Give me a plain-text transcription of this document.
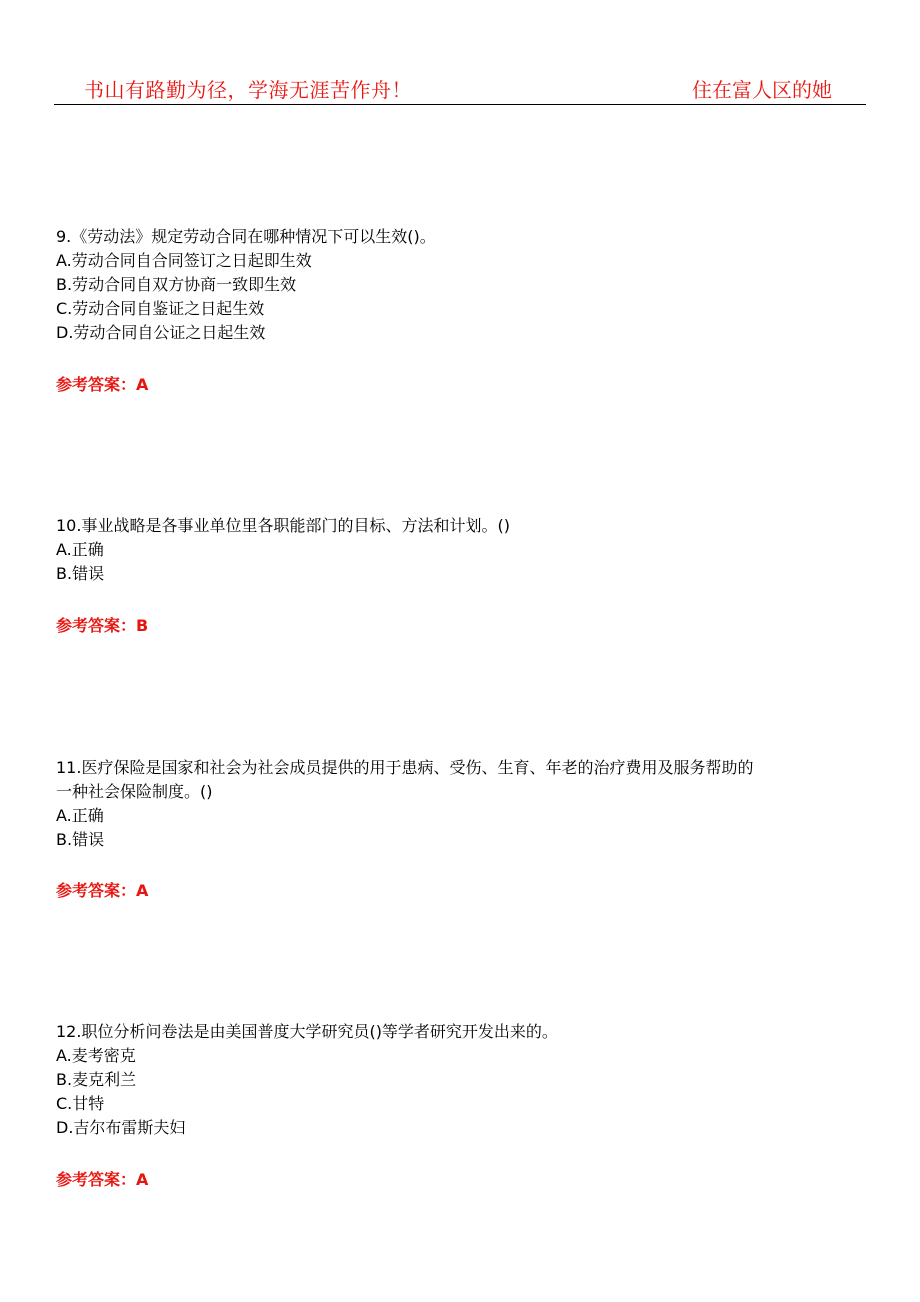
书山有路勤为径，学海无涯苦作舟！	住在富人区的她

9.《劳动法》规定劳动合同在哪种情况下可以生效()。

A.劳动合同自合同签订之日起即生效

B.劳动合同自双方协商一致即生效

C.劳动合同自鉴证之日起生效

D.劳动合同自公证之日起生效

参考答案：A

10.事业战略是各事业单位里各职能部门的目标、方法和计划。()

A.正确

B.错误

参考答案：B

11.医疗保险是国家和社会为社会成员提供的用于患病、受伤、生育、年老的治疗费用及服务帮助的

一种社会保险制度。()

A.正确

B.错误

参考答案：A

12.职位分析问卷法是由美国普度大学研究员()等学者研究开发出来的。

A.麦考密克

B.麦克利兰

C.甘特

D.吉尔布雷斯夫妇

参考答案：A
